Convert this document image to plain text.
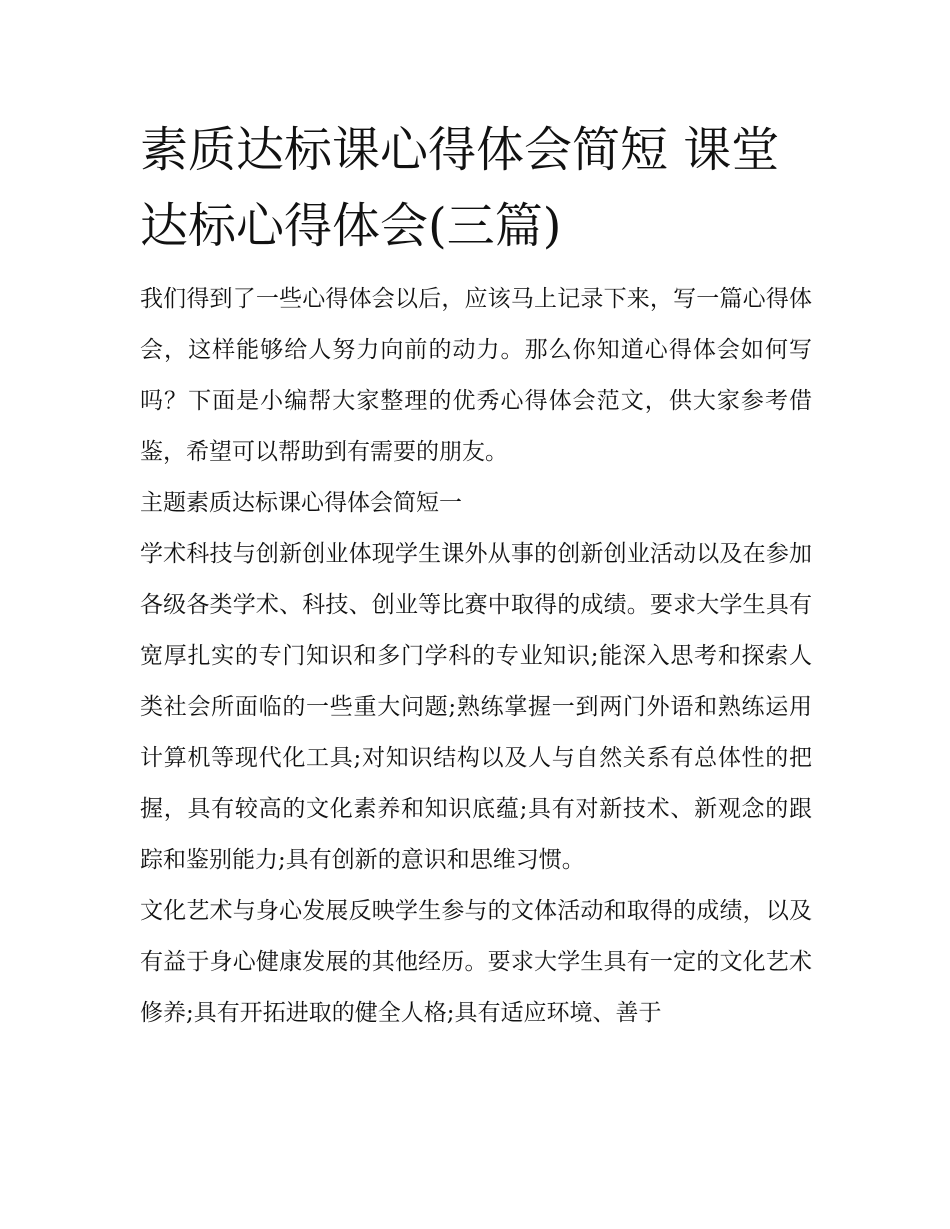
素质达标课心得体会简短 课堂达标心得体会(三篇)

我们得到了一些心得体会以后，应该马上记录下来，写一篇心得体会，这样能够给人努力向前的动力。那么你知道心得体会如何写吗？下面是小编帮大家整理的优秀心得体会范文，供大家参考借鉴，希望可以帮助到有需要的朋友。

主题素质达标课心得体会简短一

学术科技与创新创业体现学生课外从事的创新创业活动以及在参加各级各类学术、科技、创业等比赛中取得的成绩。要求大学生具有宽厚扎实的专门知识和多门学科的专业知识;能深入思考和探索人类社会所面临的一些重大问题;熟练掌握一到两门外语和熟练运用计算机等现代化工具;对知识结构以及人与自然关系有总体性的把握，具有较高的文化素养和知识底蕴;具有对新技术、新观念的跟踪和鉴别能力;具有创新的意识和思维习惯。

文化艺术与身心发展反映学生参与的文体活动和取得的成绩，以及有益于身心健康发展的其他经历。要求大学生具有一定的文化艺术修养;具有开拓进取的健全人格;具有适应环境、善于
